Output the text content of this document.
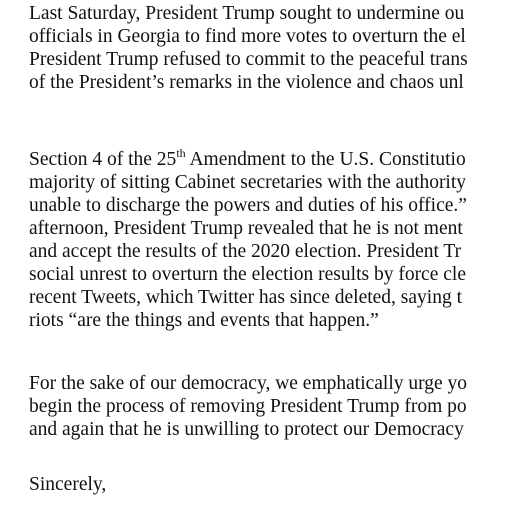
Last Saturday, President Trump sought to undermine ou
officials in Georgia to find more votes to overturn the el
President Trump refused to commit to the peaceful trans
of the President’s remarks in the violence and chaos unl
Section 4 of the 25th Amendment to the U.S. Constitutio
majority of sitting Cabinet secretaries with the authority
unable to discharge the powers and duties of his office.”
afternoon, President Trump revealed that he is not ment
and accept the results of the 2020 election. President Tr
social unrest to overturn the election results by force cle
recent Tweets, which Twitter has since deleted, saying t
riots “are the things and events that happen.”
For the sake of our democracy, we emphatically urge yo
begin the process of removing President Trump from po
and again that he is unwilling to protect our Democracy
Sincerely,
